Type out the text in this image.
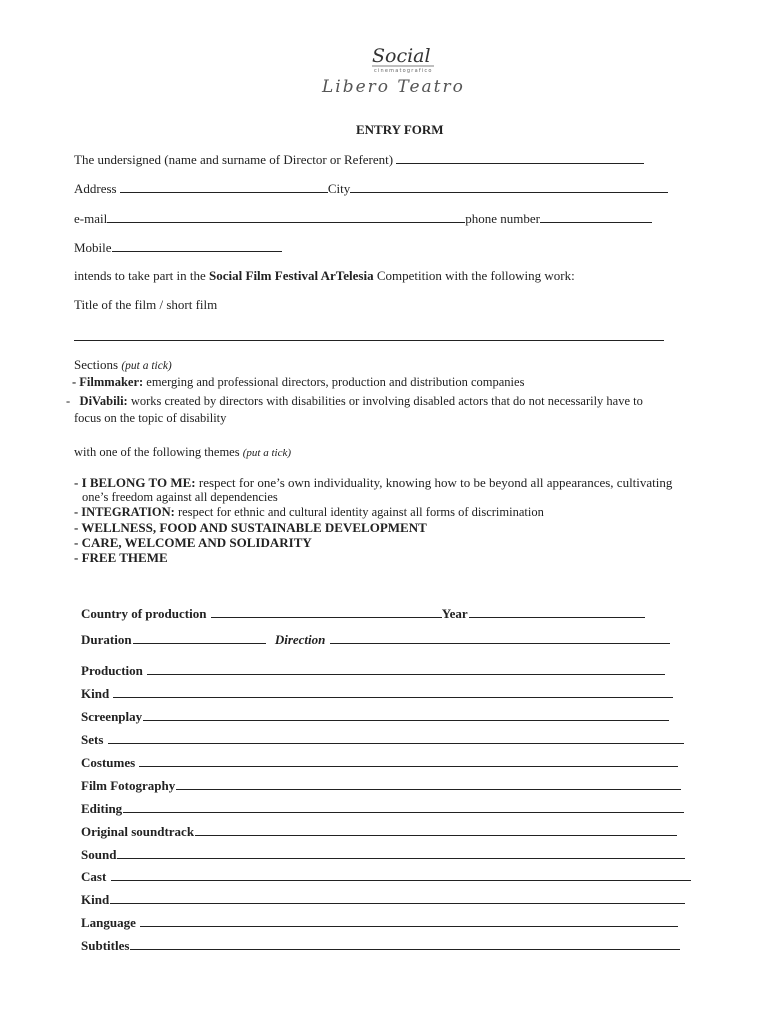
Social
cinematografico
Libero Teatro
ENTRY FORM
The undersigned (name and surname of Director or Referent)
Address	City
e-mail	phone number
Mobile
intends to take part in the Social Film Festival ArTelesia Competition with the following work:
Title of the film / short film
Sections (put a tick)
- Filmmaker: emerging and professional directors, production and distribution companies
- DiVabili: works created by directors with disabilities or involving disabled actors that do not necessarily have to
focus on the topic of disability
with one of the following themes (put a tick)
- I BELONG TO ME: respect for one’s own individuality, knowing how to be beyond all appearances, cultivating
one’s freedom against all dependencies
- INTEGRATION: respect for ethnic and cultural identity against all forms of discrimination
- WELLNESS, FOOD AND SUSTAINABLE DEVELOPMENT
- CARE, WELCOME AND SOLIDARITY
- FREE THEME
Country of production	Year
Duration	Direction
Production
Kind
Screenplay
Sets
Costumes
Film Fotography
Editing
Original soundtrack
Sound
Cast
Kind
Language
Subtitles
